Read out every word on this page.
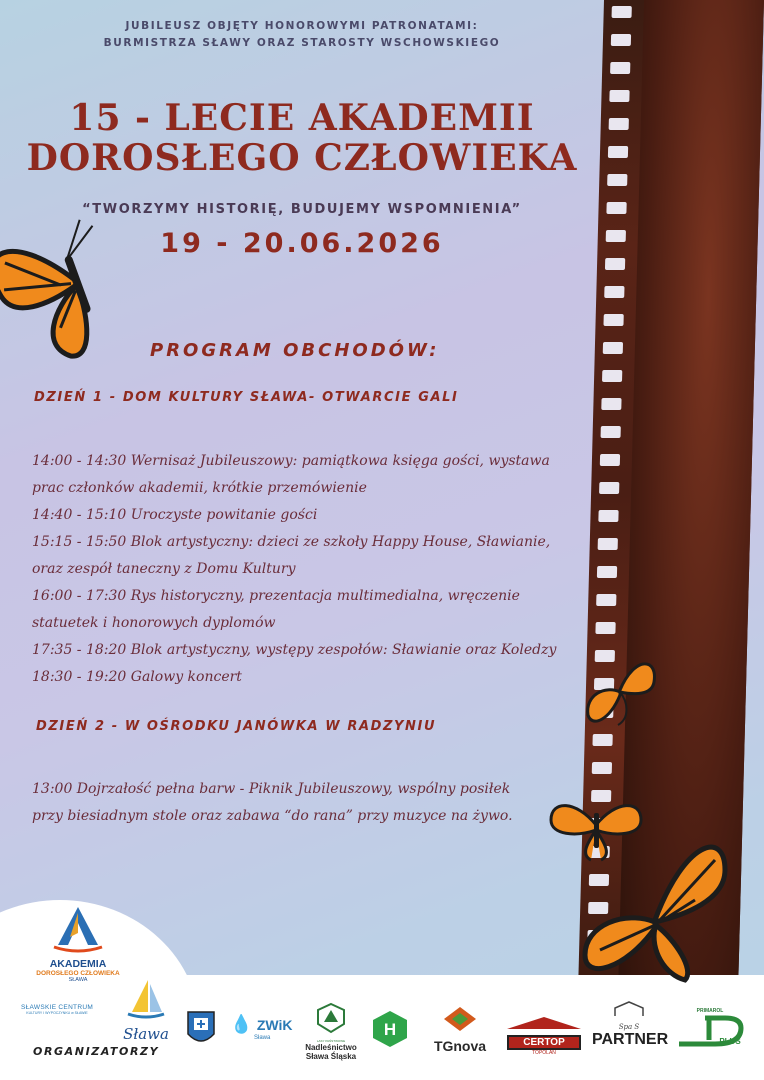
JUBILEUSZ OBJĘTY HONOROWYMI PATRONATAMI:
BURMISTRZA SŁAWY ORAZ STAROSTY WSCHOWSKIEGO
15 - LECIE AKADEMII
DOROSŁEGO CZŁOWIEKA
“TWORZYMY HISTORIĘ, BUDUJEMY WSPOMNIENIA”
19 - 20.06.2026
PROGRAM OBCHODÓW:
DZIEŃ 1 - DOM KULTURY SŁAWA- OTWARCIE GALI
14:00 - 14:30 Wernisaż Jubileuszowy: pamiątkowa księga gości, wystawa
prac członków akademii, krótkie przemówienie
14:40 - 15:10 Uroczyste powitanie gości
15:15 - 15:50 Blok artystyczny: dzieci ze szkoły Happy House, Sławianie,
oraz zespół taneczny z Domu Kultury
16:00 - 17:30 Rys historyczny, prezentacja multimedialna, wręczenie
statuetek i honorowych dyplomów
17:35 - 18:20 Blok artystyczny, występy zespołów: Sławianie oraz Koledzy
18:30 - 19:20 Galowy koncert
DZIEŃ 2 - W OŚRODKU JANÓWKA W RADZYNIU
13:00 Dojrzałość pełna barw - Piknik Jubileuszowy, wspólny posiłek
przy biesiadnym stole oraz zabawa “do rana” przy muzyce na żywo.
AKADEMIA
DOROSŁEGO CZŁOWIEKA
SŁAWA
SŁAWSKIE CENTRUM
KULTURY I WYPOCZYNKU w SŁAWIE
Sława	💧 ZWiK
Sława	LASY PAŃSTWOWE
Nadleśnictwo
Sława Śląska
H
TGnova	CERTOP
TOPOLAN
Spa S
PARTNER
PRIMAROL
PLUS
ORGANIZATORZY
